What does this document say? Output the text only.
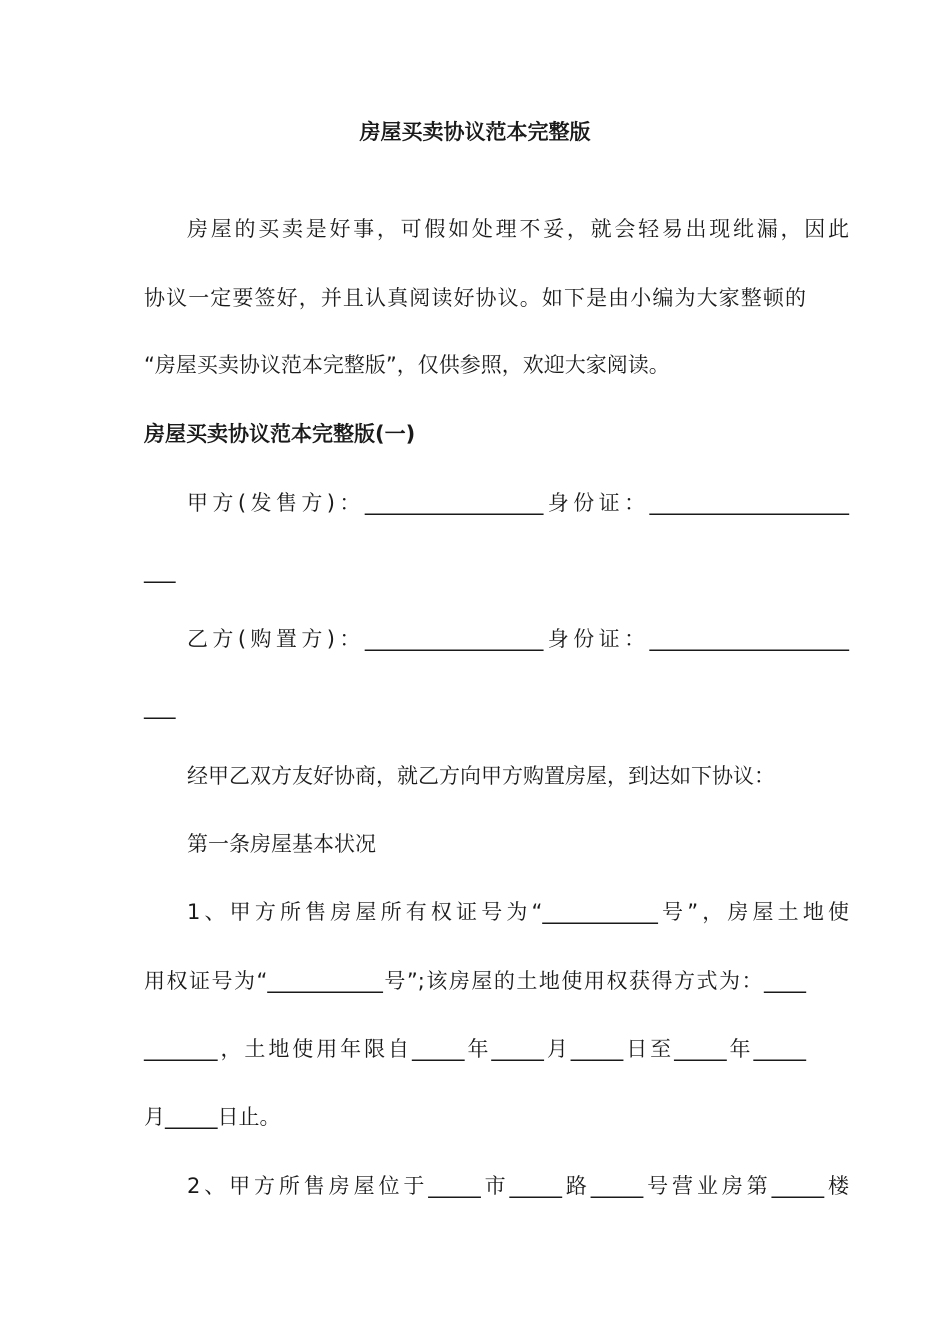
房屋买卖协议范本完整版
房屋的买卖是好事，可假如处理不妥，就会轻易出现纰漏，因此
协议一定要签好，并且认真阅读好协议。如下是由小编为大家整顿的
“房屋买卖协议范本完整版”，仅供参照，欢迎大家阅读。
房屋买卖协议范本完整版(一)
甲方(发售方)：_________________身份证：___________________
___
乙方(购置方)：_________________身份证：___________________
___
经甲乙双方友好协商，就乙方向甲方购置房屋，到达如下协议：
第一条房屋基本状况
1、甲方所售房屋所有权证号为“___________号”，房屋土地使
用权证号为“___________号”;该房屋的土地使用权获得方式为：____
_______，土地使用年限自_____年_____月_____日至_____年_____
月_____日止。
2、甲方所售房屋位于_____市_____路_____号营业房第_____楼
